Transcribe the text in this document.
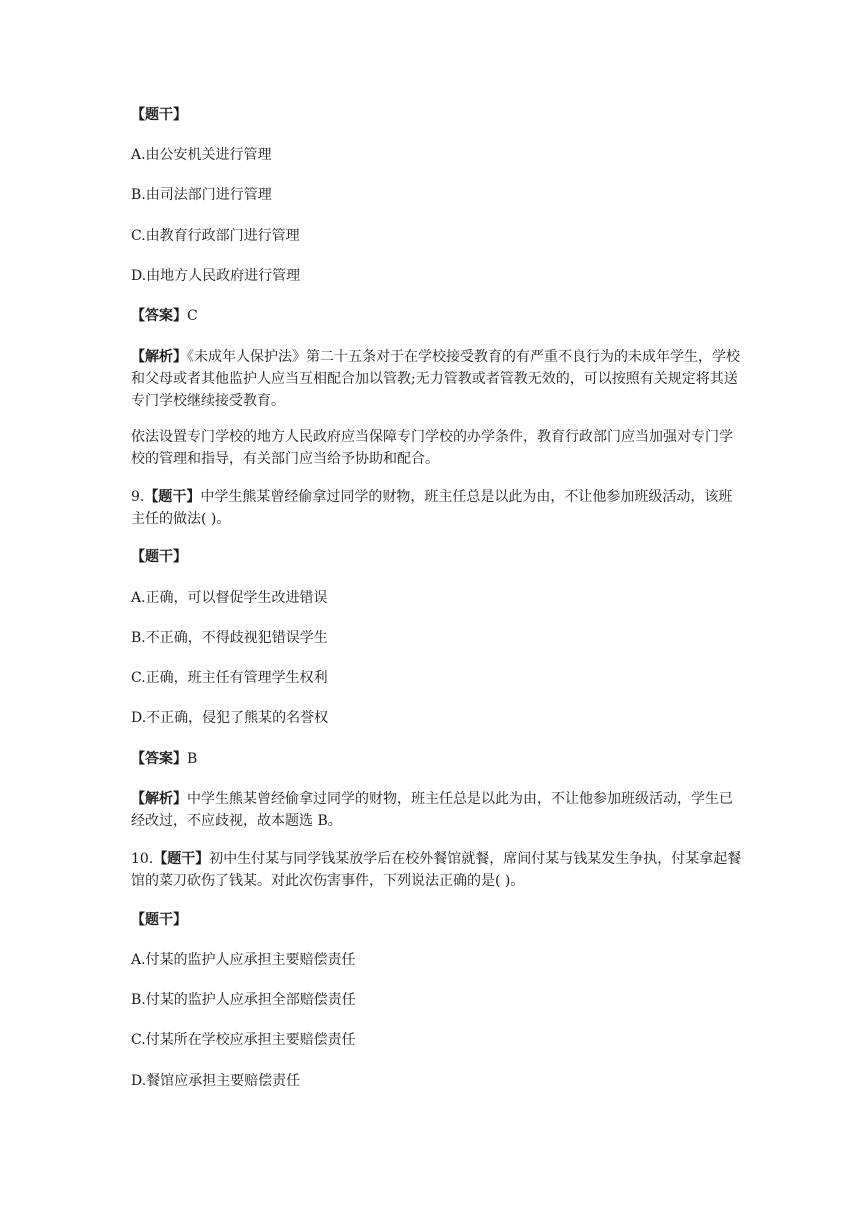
【题干】

A.由公安机关进行管理

B.由司法部门进行管理

C.由教育行政部门进行管理

D.由地方人民政府进行管理

【答案】C

【解析】《未成年人保护法》第二十五条对于在学校接受教育的有严重不良行为的未成年学生，学校和父母或者其他监护人应当互相配合加以管教;无力管教或者管教无效的，可以按照有关规定将其送专门学校继续接受教育。

依法设置专门学校的地方人民政府应当保障专门学校的办学条件，教育行政部门应当加强对专门学校的管理和指导，有关部门应当给予协助和配合。

9.【题干】中学生熊某曾经偷拿过同学的财物，班主任总是以此为由，不让他参加班级活动，该班主任的做法( )。

【题干】

A.正确，可以督促学生改进错误

B.不正确，不得歧视犯错误学生

C.正确，班主任有管理学生权利

D.不正确，侵犯了熊某的名誉权

【答案】B

【解析】中学生熊某曾经偷拿过同学的财物，班主任总是以此为由，不让他参加班级活动，学生已经改过，不应歧视，故本题选 B。

10.【题干】初中生付某与同学钱某放学后在校外餐馆就餐，席间付某与钱某发生争执，付某拿起餐馆的菜刀砍伤了钱某。对此次伤害事件，下列说法正确的是( )。

【题干】

A.付某的监护人应承担主要赔偿责任

B.付某的监护人应承担全部赔偿责任

C.付某所在学校应承担主要赔偿责任

D.餐馆应承担主要赔偿责任
